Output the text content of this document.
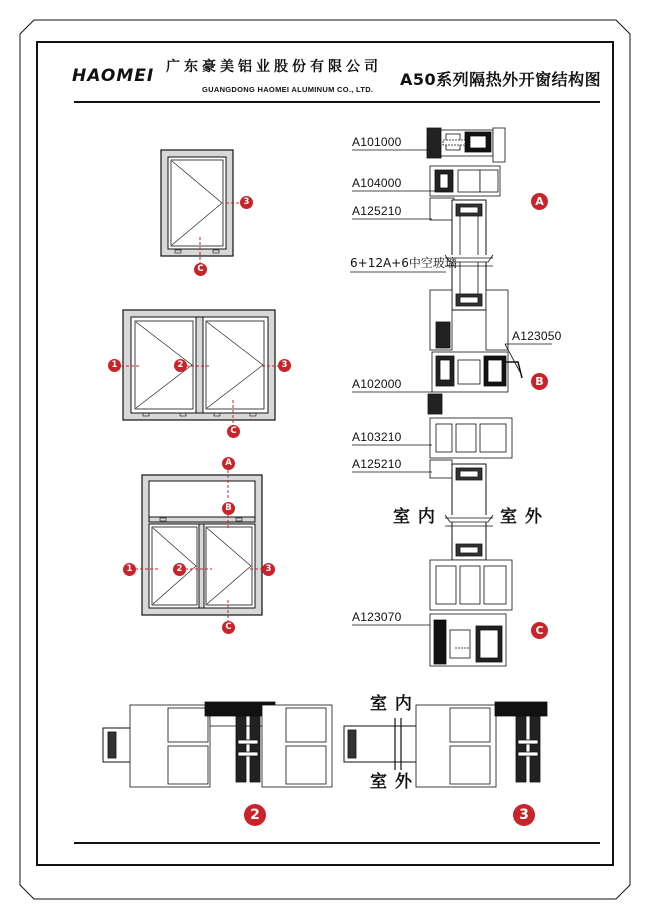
HAOMEI 广东豪美铝业股份有限公司
GUANGDONG HAOMEI ALUMINUM CO., LTD.
A50系列隔热外开窗结构图
A101000
A104000
A125210
6+12A+6中空玻璃
A123050
A102000
A103210
A125210
A123070
室 内	室 外
室 内
室 外
3
C
1	2	3
C
A
B
1	2	3
C
A
B
C
2	3
